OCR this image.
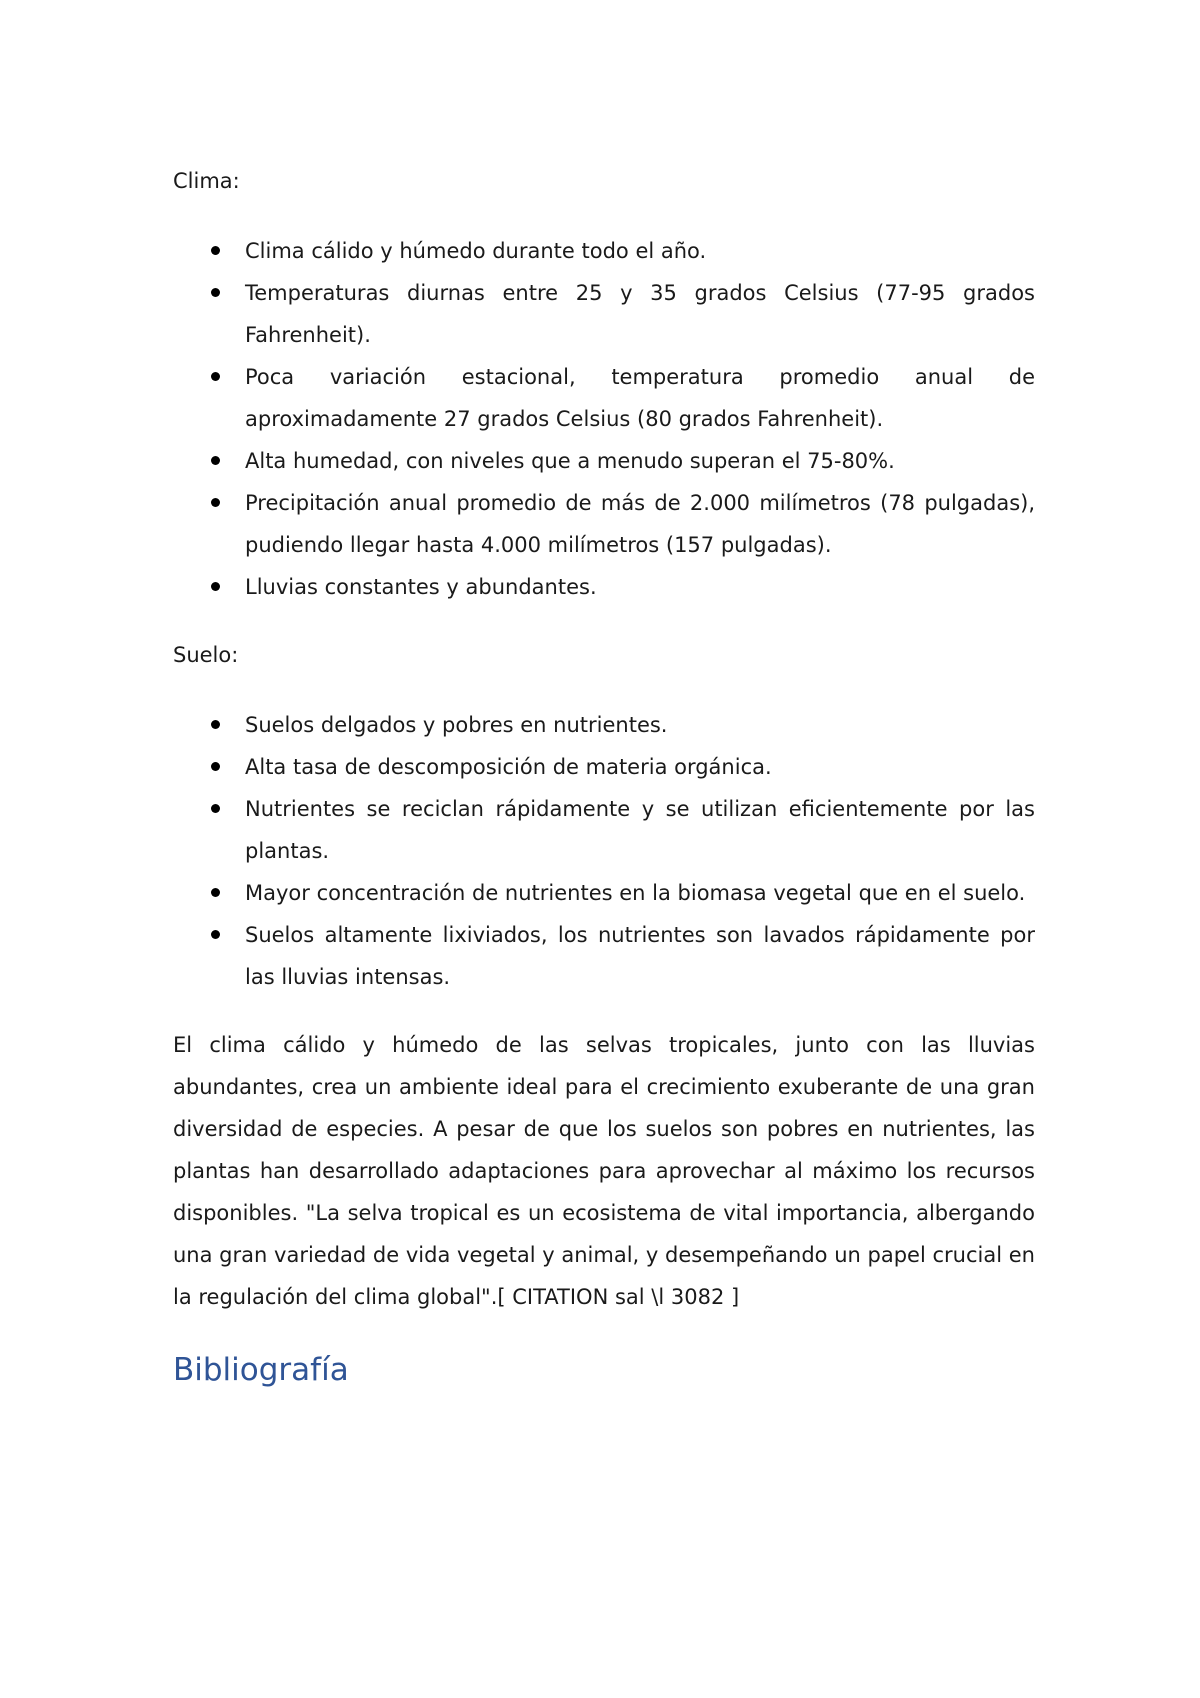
Clima:

Clima cálido y húmedo durante todo el año.
Temperaturas diurnas entre 25 y 35 grados Celsius (77-95 grados Fahrenheit).
Poca variación estacional, temperatura promedio anual de aproximadamente 27 grados Celsius (80 grados Fahrenheit).
Alta humedad, con niveles que a menudo superan el 75-80%.
Precipitación anual promedio de más de 2.000 milímetros (78 pulgadas), pudiendo llegar hasta 4.000 milímetros (157 pulgadas).
Lluvias constantes y abundantes.

Suelo:

Suelos delgados y pobres en nutrientes.
Alta tasa de descomposición de materia orgánica.
Nutrientes se reciclan rápidamente y se utilizan eficientemente por las plantas.
Mayor concentración de nutrientes en la biomasa vegetal que en el suelo.
Suelos altamente lixiviados, los nutrientes son lavados rápidamente por las lluvias intensas.

El clima cálido y húmedo de las selvas tropicales, junto con las lluvias abundantes, crea un ambiente ideal para el crecimiento exuberante de una gran diversidad de especies. A pesar de que los suelos son pobres en nutrientes, las plantas han desarrollado adaptaciones para aprovechar al máximo los recursos disponibles. "La selva tropical es un ecosistema de vital importancia, albergando una gran variedad de vida vegetal y animal, y desempeñando un papel crucial en la regulación del clima global".[ CITATION sal \l 3082 ]

Bibliografía
